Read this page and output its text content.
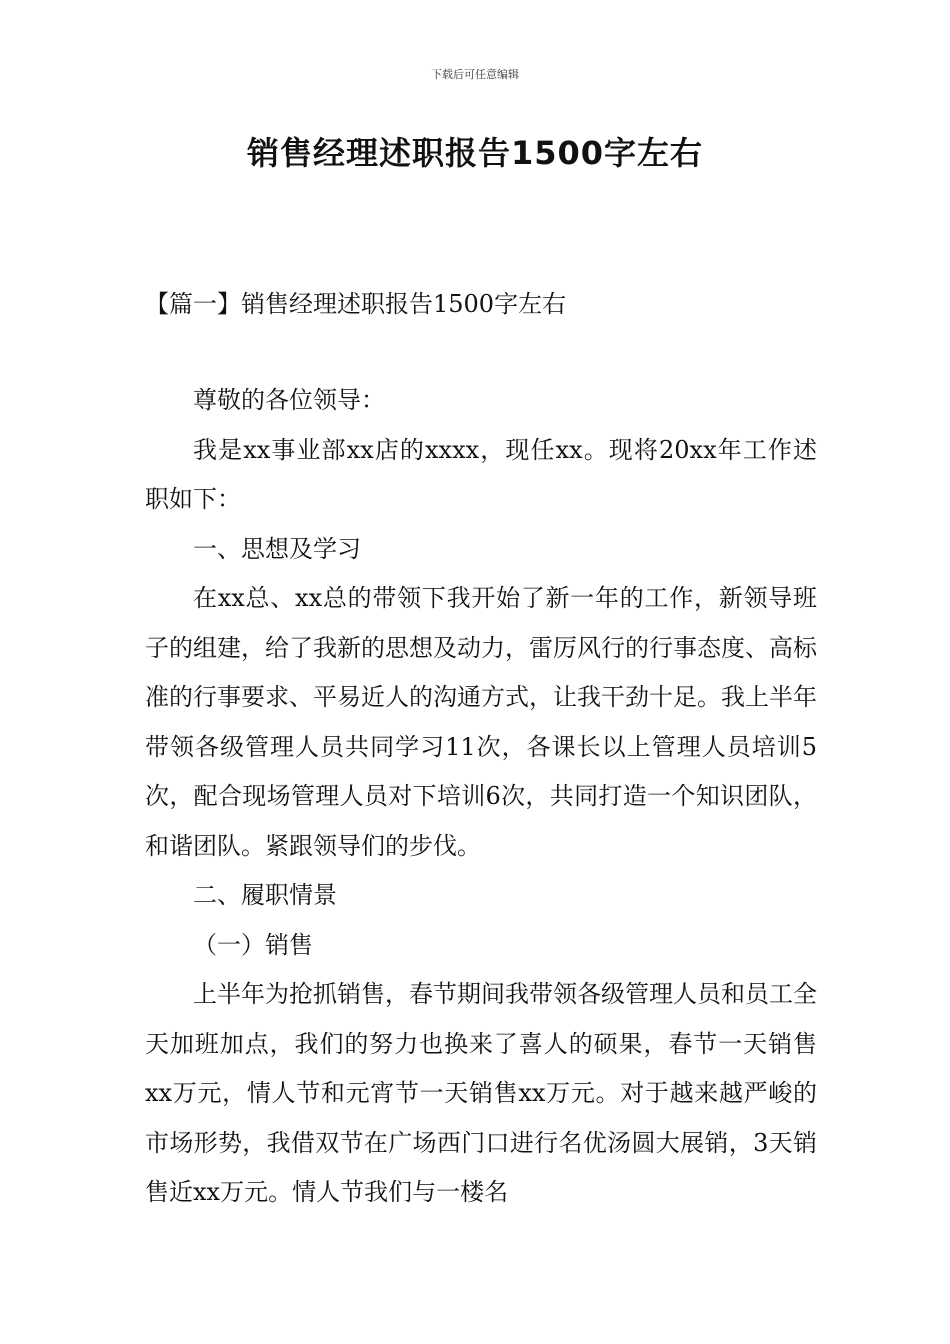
下载后可任意编辑
销售经理述职报告1500字左右
【篇一】销售经理述职报告1500字左右

尊敬的各位领导：

我是xx事业部xx店的xxxx，现任xx。现将20xx年工作述职如下：

一、思想及学习

在xx总、xx总的带领下我开始了新一年的工作，新领导班子的组建，给了我新的思想及动力，雷厉风行的行事态度、高标准的行事要求、平易近人的沟通方式，让我干劲十足。我上半年带领各级管理人员共同学习11次，各课长以上管理人员培训5次，配合现场管理人员对下培训6次，共同打造一个知识团队，和谐团队。紧跟领导们的步伐。

二、履职情景

（一）销售

上半年为抢抓销售，春节期间我带领各级管理人员和员工全天加班加点，我们的努力也换来了喜人的硕果，春节一天销售xx万元，情人节和元宵节一天销售xx万元。对于越来越严峻的市场形势，我借双节在广场西门口进行名优汤圆大展销，3天销售近xx万元。情人节我们与一楼名
